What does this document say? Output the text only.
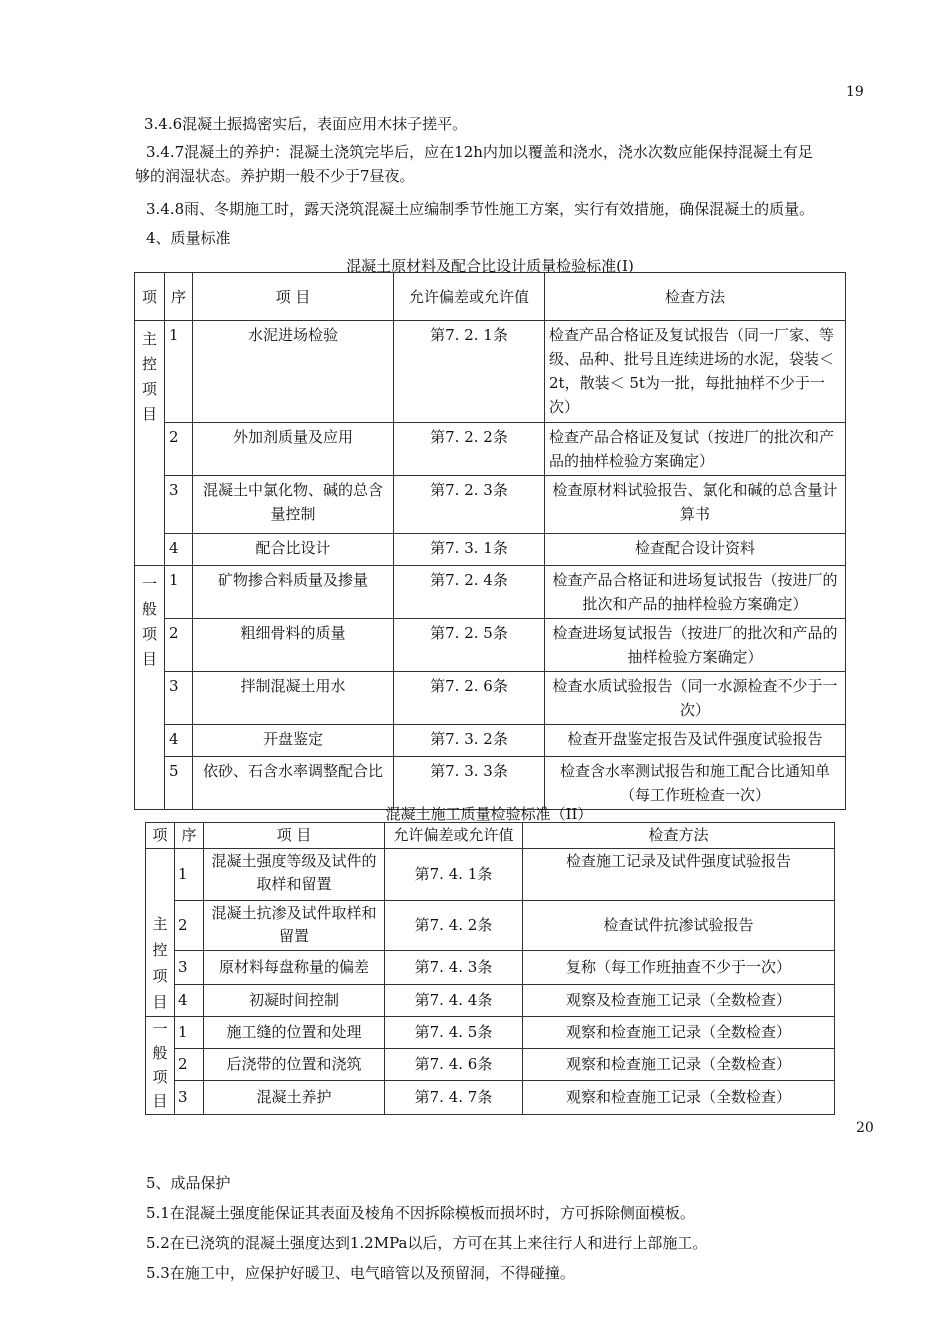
19
3.4.6混凝土振捣密实后，表面应用木抹子搓平。
3.4.7混凝土的养护：混凝土浇筑完毕后，应在12h内加以覆盖和浇水，浇水次数应能保持混凝土有足
够的润湿状态。养护期一般不少于7昼夜。
3.4.8雨、冬期施工时，露天浇筑混凝土应编制季节性施工方案，实行有效措施，确保混凝土的质量。
4、质量标准
混凝土原材料及配合比设计质量检验标准(I)
项	序	项 目	允许偏差或允许值	检查方法

主控项目	1	水泥进场检验	第7. 2. 1条	检查产品合格证及复试报告（同一厂家、等级、品种、批号且连续进场的水泥，袋装＜ 2t，散装＜ 5t为一批，每批抽样不少于一次）
	2	外加剂质量及应用	第7. 2. 2条	检查产品合格证及复试（按进厂的批次和产品的抽样检验方案确定）
	3	混凝土中氯化物、碱的总含量控制	第7. 2. 3条	检查原材料试验报告、氯化和碱的总含量计算书
	4	配合比设计	第7. 3. 1条	检查配合设计资料

一般项目	1	矿物掺合料质量及掺量	第7. 2. 4条	检查产品合格证和进场复试报告（按进厂的批次和产品的抽样检验方案确定）
	2	粗细骨料的质量	第7. 2. 5条	检查进场复试报告（按进厂的批次和产品的抽样检验方案确定）
	3	拌制混凝土用水	第7. 2. 6条	检查水质试验报告（同一水源检查不少于一次）
	4	开盘鉴定	第7. 3. 2条	检查开盘鉴定报告及试件强度试验报告
	5	依砂、石含水率调整配合比	第7. 3. 3条	检查含水率测试报告和施工配合比通知单（每工作班检查一次）
混凝土施工质量检验标准（II）
项	序	项 目	允许偏差或允许值	检查方法

主控项目	1	混凝土强度等级及试件的取样和留置	第7. 4. 1条	检查施工记录及试件强度试验报告
	2	混凝土抗渗及试件取样和留置	第7. 4. 2条	检查试件抗渗试验报告
	3	原材料每盘称量的偏差	第7. 4. 3条	复称（每工作班抽查不少于一次）
	4	初凝时间控制	第7. 4. 4条	观察及检查施工记录（全数检查）

一般项目	1	施工缝的位置和处理	第7. 4. 5条	观察和检查施工记录（全数检查）
	2	后浇带的位置和浇筑	第7. 4. 6条	观察和检查施工记录（全数检查）
	3	混凝土养护	第7. 4. 7条	观察和检查施工记录（全数检查）
20
5、成品保护
5.1在混凝土强度能保证其表面及棱角不因拆除模板而损坏时，方可拆除侧面模板。
5.2在已浇筑的混凝土强度达到1.2MPa以后，方可在其上来往行人和进行上部施工。
5.3在施工中，应保护好暖卫、电气暗管以及预留洞，不得碰撞。
